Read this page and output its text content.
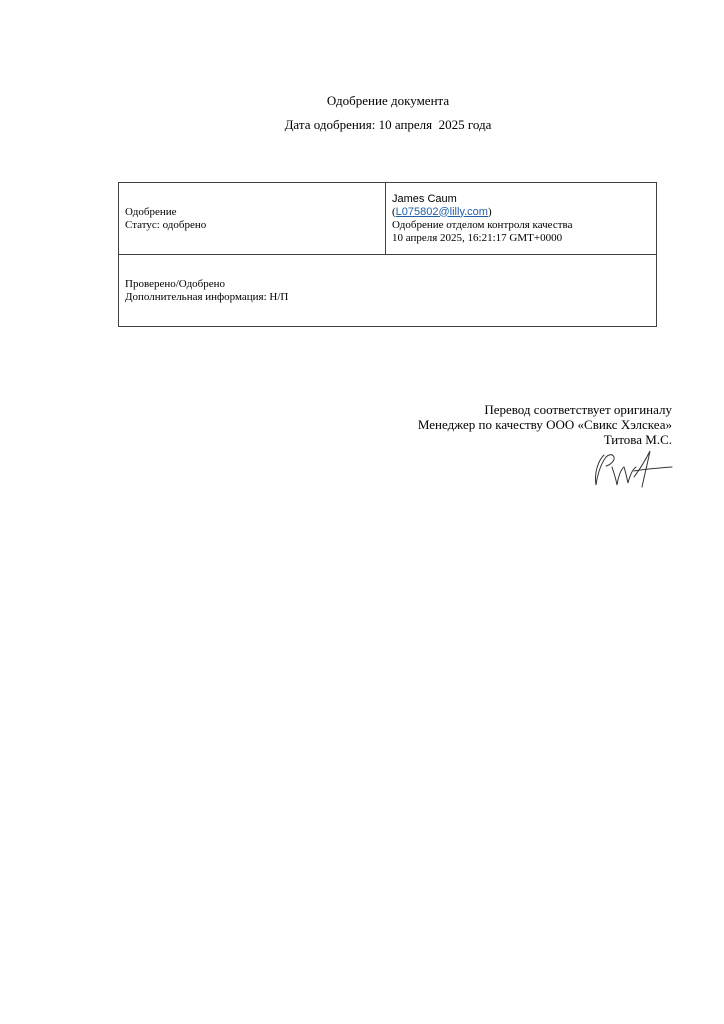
Одобрение документа
Дата одобрения: 10 апреля  2025 года
Одобрение
Статус: одобрено

James Caum
(L075802@lilly.com)
Одобрение отделом контроля качества
10 апреля 2025, 16:21:17 GMT+0000

Проверено/Одобрено
Дополнительная информация: Н/П
Перевод соответствует оригиналу
Менеджер по качеству ООО «Свикс Хэлскеа»
Титова М.С.
